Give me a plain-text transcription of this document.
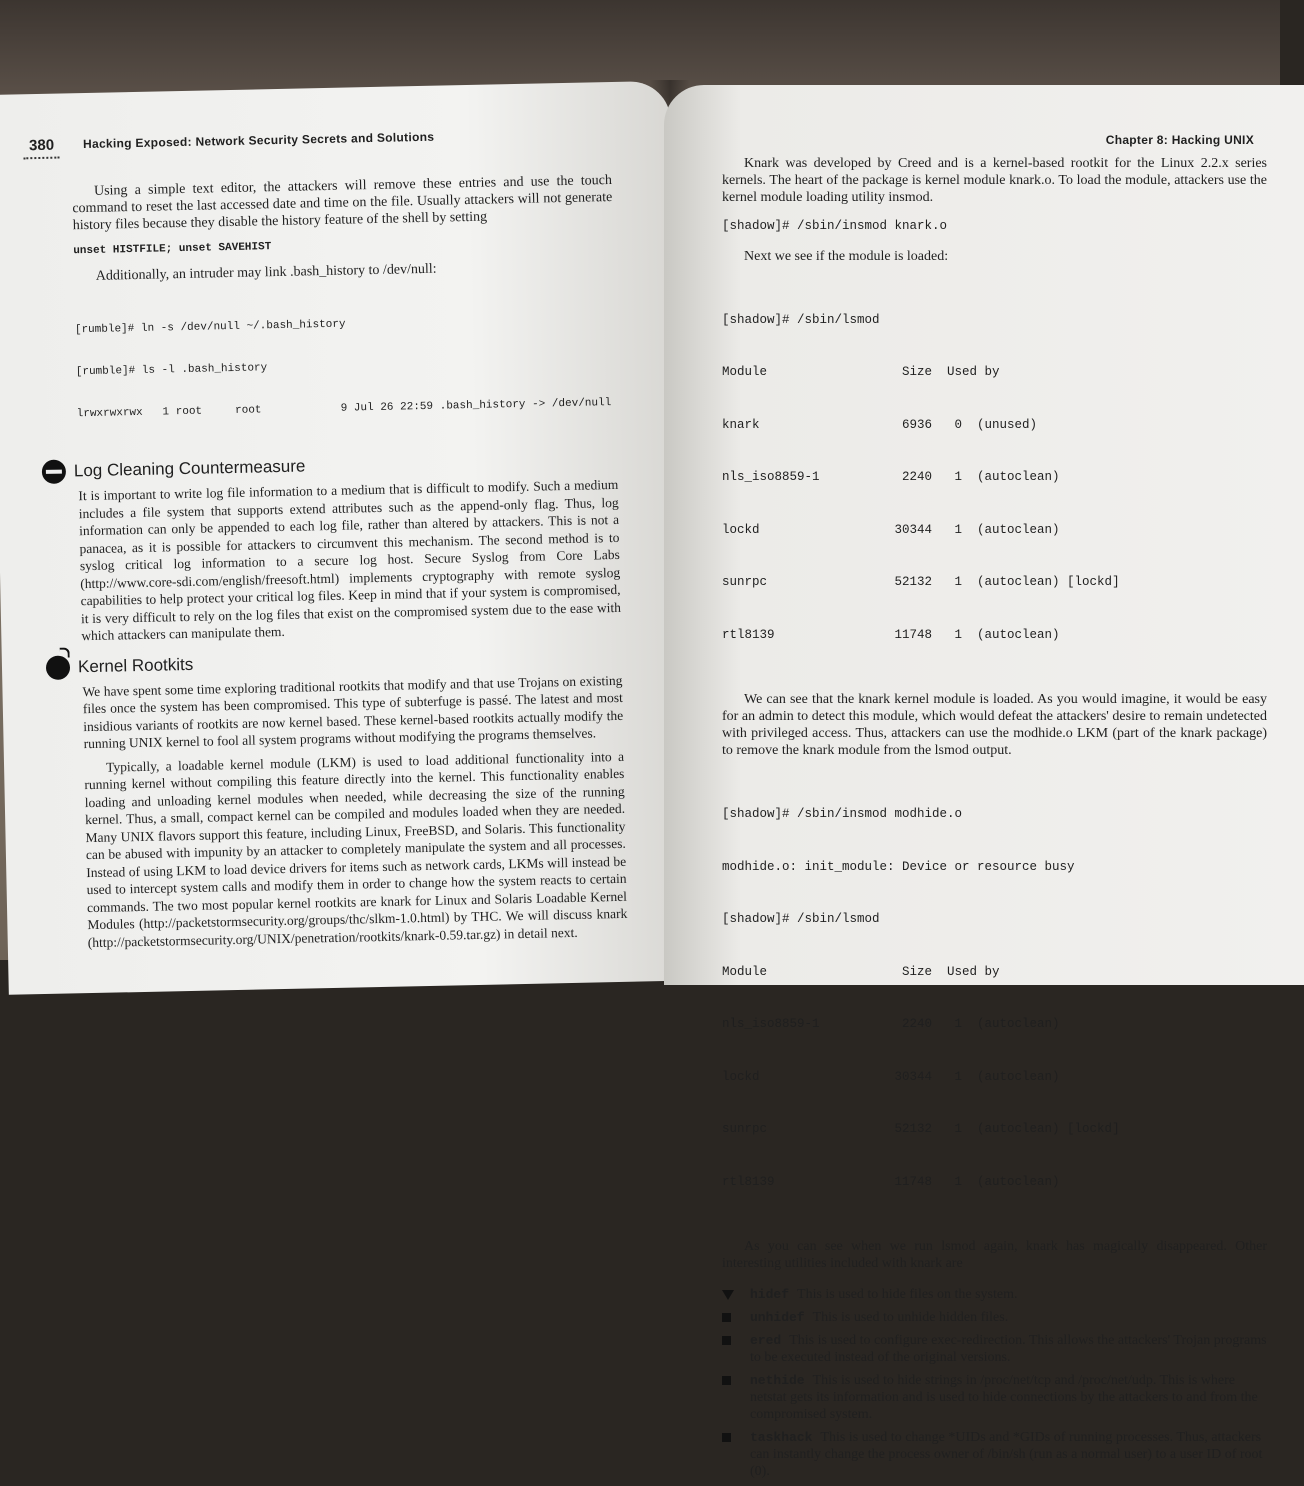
380 Hacking Exposed: Network Security Secrets and Solutions

Using a simple text editor, the attackers will remove these entries and use the touch command to reset the last accessed date and time on the file. Usually attackers will not generate history files because they disable the history feature of the shell by setting

unset HISTFILE; unset SAVEHIST

Additionally, an intruder may link .bash_history to /dev/null:

[rumble]# ln -s /dev/null ~/.bash_history

[rumble]# ls -l .bash_history

lrwxrwxrwx   1 root     root            9 Jul 26 22:59 .bash_history -> /dev/null

Log Cleaning Countermeasure

It is important to write log file information to a medium that is difficult to modify. Such a medium includes a file system that supports extend attributes such as the append-only flag. Thus, log information can only be appended to each log file, rather than altered by attackers. This is not a panacea, as it is possible for attackers to circumvent this mechanism. The second method is to syslog critical log information to a secure log host. Secure Syslog from Core Labs (http://www.core-sdi.com/english/freesoft.html) implements cryptography with remote syslog capabilities to help protect your critical log files. Keep in mind that if your system is compromised, it is very difficult to rely on the log files that exist on the compromised system due to the ease with which attackers can manipulate them.

Kernel Rootkits

We have spent some time exploring traditional rootkits that modify and that use Trojans on existing files once the system has been compromised. This type of subterfuge is passé. The latest and most insidious variants of rootkits are now kernel based. These kernel-based rootkits actually modify the running UNIX kernel to fool all system programs without modifying the programs themselves.

Typically, a loadable kernel module (LKM) is used to load additional functionality into a running kernel without compiling this feature directly into the kernel. This functionality enables loading and unloading kernel modules when needed, while decreasing the size of the running kernel. Thus, a small, compact kernel can be compiled and modules loaded when they are needed. Many UNIX flavors support this feature, including Linux, FreeBSD, and Solaris. This functionality can be abused with impunity by an attacker to completely manipulate the system and all processes. Instead of using LKM to load device drivers for items such as network cards, LKMs will instead be used to intercept system calls and modify them in order to change how the system reacts to certain commands. The two most popular kernel rootkits are knark for Linux and Solaris Loadable Kernel Modules (http://packetstormsecurity.org/groups/thc/slkm-1.0.html) by THC. We will discuss knark (http://packetstormsecurity.org/UNIX/penetration/rootkits/knark-0.59.tar.gz) in detail next.

Chapter 8: Hacking UNIX

Knark was developed by Creed and is a kernel-based rootkit for the Linux 2.2.x series kernels. The heart of the package is kernel module knark.o. To load the module, attackers use the kernel module loading utility insmod.

[shadow]# /sbin/insmod knark.o

Next we see if the module is loaded:

[shadow]# /sbin/lsmod

Module                  Size  Used by

knark                   6936   0  (unused)

nls_iso8859-1           2240   1  (autoclean)

lockd                  30344   1  (autoclean)

sunrpc                 52132   1  (autoclean) [lockd]

rtl8139                11748   1  (autoclean)

We can see that the knark kernel module is loaded. As you would imagine, it would be easy for an admin to detect this module, which would defeat the attackers' desire to remain undetected with privileged access. Thus, attackers can use the modhide.o LKM (part of the knark package) to remove the knark module from the lsmod output.

[shadow]# /sbin/insmod modhide.o

modhide.o: init_module: Device or resource busy

[shadow]# /sbin/lsmod

Module                  Size  Used by

nls_iso8859-1           2240   1  (autoclean)

lockd                  30344   1  (autoclean)

sunrpc                 52132   1  (autoclean) [lockd]

rtl8139                11748   1  (autoclean)

As you can see when we run lsmod again, knark has magically disappeared. Other interesting utilities included with knark are

hidef This is used to hide files on the system.
unhidef This is used to unhide hidden files.
ered This is used to configure exec-redirection. This allows the attackers' Trojan programs to be executed instead of the original versions.
nethide This is used to hide strings in /proc/net/tcp and /proc/net/udp. This is where netstat gets its information and is used to hide connections by the attackers to and from the compromised system.
taskhack This is used to change *UIDs and *GIDs of running processes. Thus, attackers can instantly change the process owner of /bin/sh (run as a normal user) to a user ID of root (0).
